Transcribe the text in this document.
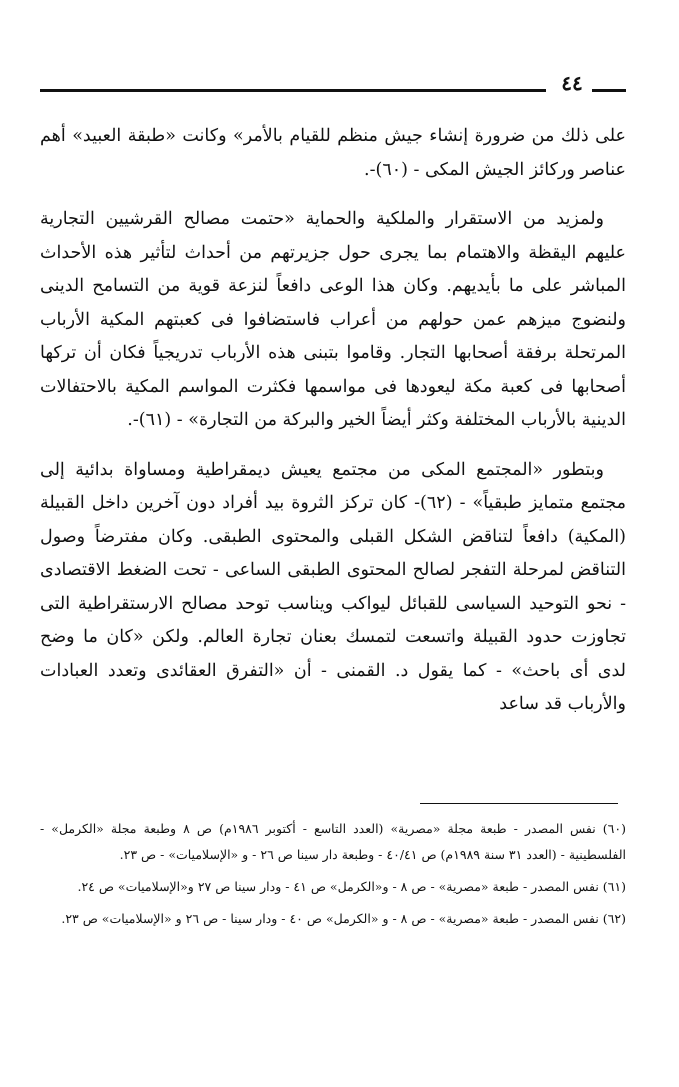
٤٤

على ذلك من ضرورة إنشاء جيش منظم للقيام بالأمر» وكانت «طبقة العبيد» أهم عناصر وركائز الجيش المكى - (٦٠)-.

ولمزيد من الاستقرار والملكية والحماية «حتمت مصالح القرشيين التجارية عليهم اليقظة والاهتمام بما يجرى حول جزيرتهم من أحداث لتأثير هذه الأحداث المباشر على ما بأيديهم. وكان هذا الوعى دافعاً لنزعة قوية من التسامح الدينى ولنضوج ميزهم عمن حولهم من أعراب فاستضافوا فى كعبتهم المكية الأرباب المرتحلة برفقة أصحابها التجار. وقاموا بتبنى هذه الأرباب تدريجياً فكان أن تركها أصحابها فى كعبة مكة ليعودها فى مواسمها فكثرت المواسم المكية بالاحتفالات الدينية بالأرباب المختلفة وكثر أيضاً الخير والبركة من التجارة» - (٦١)-.

وبتطور «المجتمع المكى من مجتمع يعيش ديمقراطية ومساواة بدائية إلى مجتمع متمايز طبقياً» - (٦٢)- كان تركز الثروة بيد أفراد دون آخرين داخل القبيلة (المكية) دافعاً لتناقض الشكل القبلى والمحتوى الطبقى. وكان مفترضاً وصول التناقض لمرحلة التفجر لصالح المحتوى الطبقى الساعى - تحت الضغط الاقتصادى - نحو التوحيد السياسى للقبائل ليواكب ويناسب توحد مصالح الارستقراطية التى تجاوزت حدود القبيلة واتسعت لتمسك بعنان تجارة العالم. ولكن «كان ما وضح لدى أى باحث» - كما يقول د. القمنى - أن «التفرق العقائدى وتعدد العبادات والأرباب قد ساعد

(٦٠) نفس المصدر - طبعة مجلة «مصرية» (العدد التاسع - أكتوبر ١٩٨٦م) ص ٨ وطبعة مجلة «الكرمل» - الفلسطينية - (العدد ٣١ سنة ١٩٨٩م) ص ٤٠/٤١ - وطبعة دار سينا ص ٢٦ - و «الإسلاميات» - ص ٢٣.

(٦١) نفس المصدر - طبعة «مصرية» - ص ٨ - و«الكرمل» ص ٤١ - ودار سينا ص ٢٧ و«الإسلاميات» ص ٢٤.

(٦٢) نفس المصدر - طبعة «مصرية» - ص ٨ - و «الكرمل» ص ٤٠ - ودار سينا - ص ٢٦ و «الإسلاميات» ص ٢٣.
